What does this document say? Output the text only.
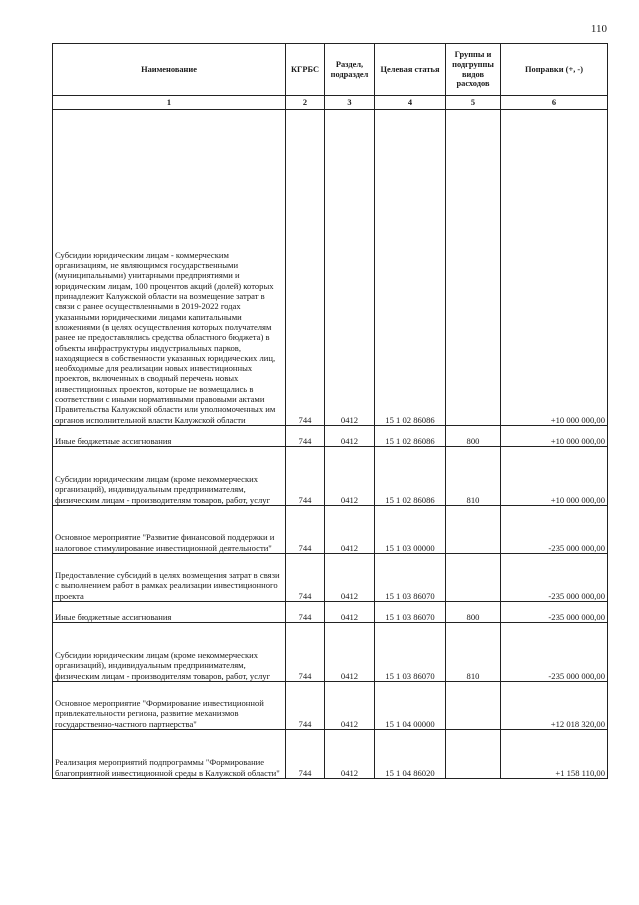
110
Наименование	КГРБС	Раздел, подраздел	Целевая статья	Группы и подгруппы видов расходов	Поправки (+, -)
1	2	3	4	5	6
Субсидии юридическим лицам - коммерческим организациям, не являющимся государственными (муниципальными) унитарными предприятиями и юридическим лицам, 100 процентов акций (долей) которых принадлежит Калужской области на возмещение затрат в связи с ранее осуществленными в 2019-2022 годах указанными юридическими лицами капитальными вложениями (в целях осуществления которых получателям ранее не предоставлялись средства областного бюджета) в объекты инфраструктуры индустриальных парков, находящиеся в собственности указанных юридических лиц, необходимые для реализации новых инвестиционных проектов, включенных в сводный перечень новых инвестиционных проектов, которые не возмещались в соответствии с иными нормативными правовыми актами Правительства Калужской области или уполномоченных им органов исполнительной власти Калужской области	744	0412	15 1 02 86086		+10 000 000,00
Иные бюджетные ассигнования	744	0412	15 1 02 86086	800	+10 000 000,00
Субсидии юридическим лицам (кроме некоммерческих организаций), индивидуальным предпринимателям, физическим лицам - производителям товаров, работ, услуг	744	0412	15 1 02 86086	810	+10 000 000,00
Основное мероприятие "Развитие финансовой поддержки и налоговое стимулирование инвестиционной деятельности"	744	0412	15 1 03 00000		-235 000 000,00
Предоставление субсидий в целях возмещения затрат в связи с выполнением работ в рамках реализации инвестиционного проекта	744	0412	15 1 03 86070		-235 000 000,00
Иные бюджетные ассигнования	744	0412	15 1 03 86070	800	-235 000 000,00
Субсидии юридическим лицам (кроме некоммерческих организаций), индивидуальным предпринимателям, физическим лицам - производителям товаров, работ, услуг	744	0412	15 1 03 86070	810	-235 000 000,00
Основное мероприятие "Формирование инвестиционной привлекательности региона, развитие механизмов государственно-частного партнерства"	744	0412	15 1 04 00000		+12 018 320,00
Реализация мероприятий подпрограммы "Формирование благоприятной инвестиционной среды в Калужской области"	744	0412	15 1 04 86020		+1 158 110,00
